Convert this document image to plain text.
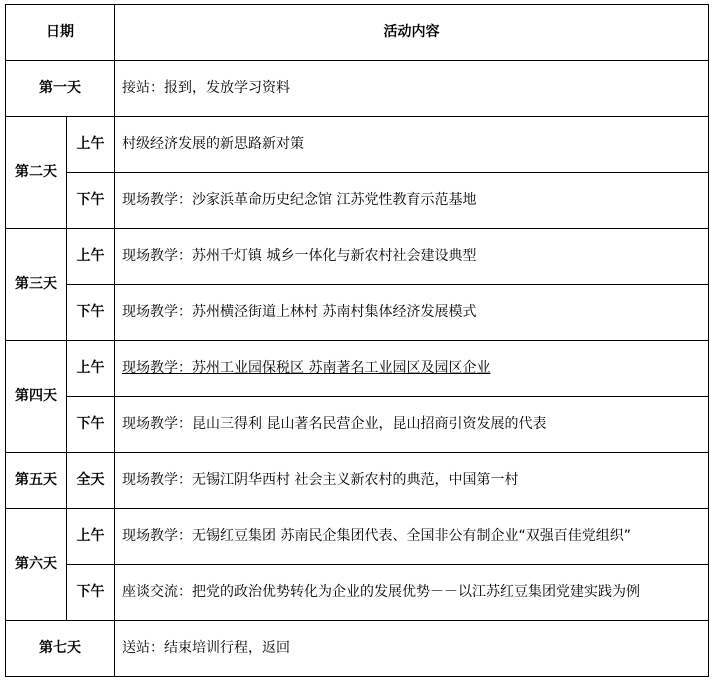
日期		活动内容
第一天		接站：报到，发放学习资料
第二天	上午	村级经济发展的新思路新对策
	下午	现场教学：沙家浜革命历史纪念馆 江苏党性教育示范基地
第三天	上午	现场教学：苏州千灯镇 城乡一体化与新农村社会建设典型
	下午	现场教学：苏州横泾街道上林村 苏南村集体经济发展模式
第四天	上午	现场教学：苏州工业园保税区 苏南著名工业园区及园区企业
	下午	现场教学：昆山三得利 昆山著名民营企业，昆山招商引资发展的代表
第五天	全天	现场教学：无锡江阴华西村 社会主义新农村的典范，中国第一村
第六天	上午	现场教学：无锡红豆集团 苏南民企集团代表、全国非公有制企业“双强百佳党组织”
	下午	座谈交流：把党的政治优势转化为企业的发展优势－－以江苏红豆集团党建实践为例
第七天		送站：结束培训行程，返回
